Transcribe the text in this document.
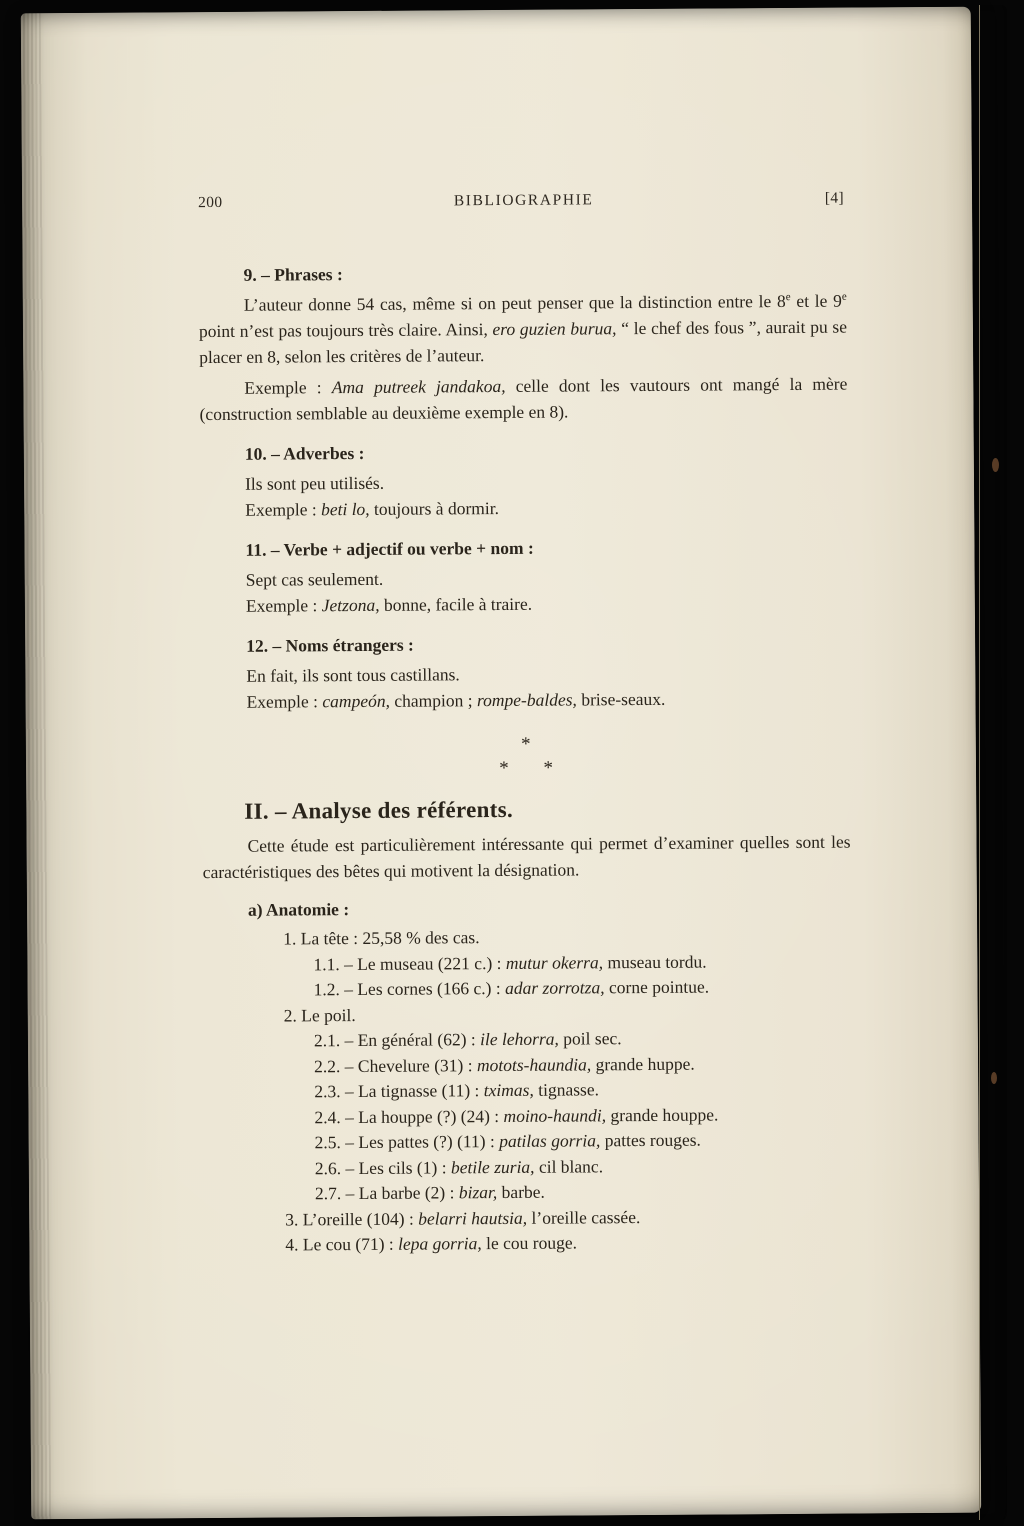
200	BIBLIOGRAPHIE	[4]

9. – Phrases :

L’auteur donne 54 cas, même si on peut penser que la distinction entre le 8e et le 9e point n’est pas toujours très claire. Ainsi, ero guzien burua, “ le chef des fous ”, aurait pu se placer en 8, selon les critères de l’auteur.

Exemple : Ama putreek jandakoa, celle dont les vautours ont mangé la mère (construction semblable au deuxième exemple en 8).

10. – Adverbes :

Ils sont peu utilisés.

Exemple : beti lo, toujours à dormir.

11. – Verbe + adjectif ou verbe + nom :

Sept cas seulement.

Exemple : Jetzona, bonne, facile à traire.

12. – Noms étrangers :

En fait, ils sont tous castillans.

Exemple : campeón, champion ; rompe-baldes, brise-seaux.

*

* *

II. – Analyse des référents.

Cette étude est particulièrement intéressante qui permet d’examiner quelles sont les caractéristiques des bêtes qui motivent la désignation.

a) Anatomie :

1. La tête : 25,58 % des cas.

1.1. – Le museau (221 c.) : mutur okerra, museau tordu.

1.2. – Les cornes (166 c.) : adar zorrotza, corne pointue.

2. Le poil.

2.1. – En général (62) : ile lehorra, poil sec.

2.2. – Chevelure (31) : motots-haundia, grande huppe.

2.3. – La tignasse (11) : tximas, tignasse.

2.4. – La houppe (?) (24) : moino-haundi, grande houppe.

2.5. – Les pattes (?) (11) : patilas gorria, pattes rouges.

2.6. – Les cils (1) : betile zuria, cil blanc.

2.7. – La barbe (2) : bizar, barbe.

3. L’oreille (104) : belarri hautsia, l’oreille cassée.

4. Le cou (71) : lepa gorria, le cou rouge.
